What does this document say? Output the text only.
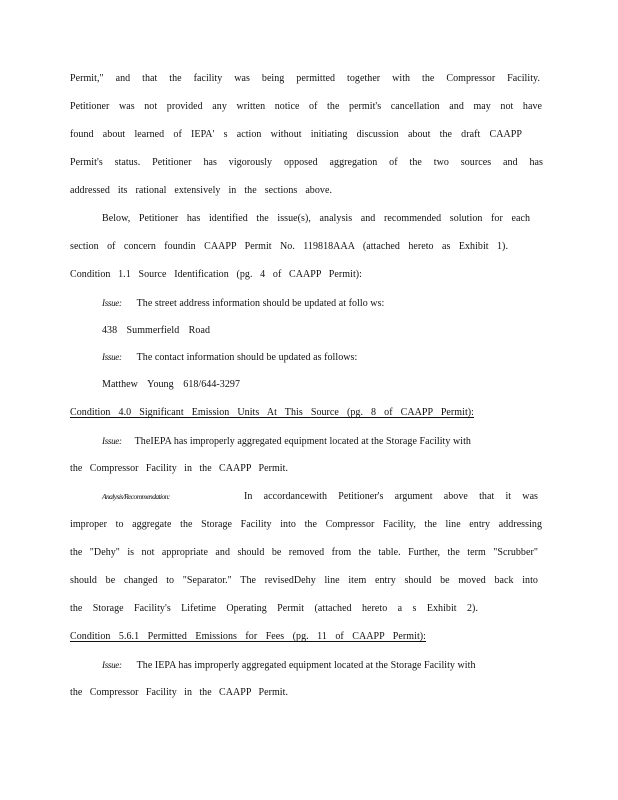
Permit," and that the facility was being permitted together with the Compressor Facility.
Petitioner was not provided any written notice of the permit's cancellation and may not have
found about learned of IEPA' s action without initiating discussion about the draft CAAPP
Permit's status. Petitioner has vigorously opposed aggregation of the two sources and has
addressed its rational extensively in the sections above.
Below, Petitioner has identified the issue(s), analysis and recommended solution for each
section of concern foundin CAAPP Permit No. 119818AAA (attached hereto as Exhibit 1).
Condition 1.1 Source Identification (pg. 4 of CAAPP Permit):
Issue: The street address information should be updated at follo ws:
438 Summerfield Road
Issue: The contact information should be updated as follows:
Matthew Young 618/644-3297
Condition 4.0 Significant Emission Units At This Source (pg. 8 of CAAPP Permit):
Issue: TheIEPA has improperly aggregated equipment located at the Storage Facility with
the Compressor Facility in the CAAPP Permit.
Analysis/Recommendation:	In accordancewith Petitioner's argument above that it was
improper to aggregate the Storage Facility into the Compressor Facility, the line entry addressing
the "Dehy" is not appropriate and should be removed from the table. Further, the term "Scrubber"
should be changed to "Separator." The revisedDehy line item entry should be moved back into
the Storage Facility's Lifetime Operating Permit (attached hereto a s Exhibit 2).
Condition 5.6.1 Permitted Emissions for Fees (pg. 11 of CAAPP Permit):
Issue: The IEPA has improperly aggregated equipment located at the Storage Facility with
the Compressor Facility in the CAAPP Permit.
